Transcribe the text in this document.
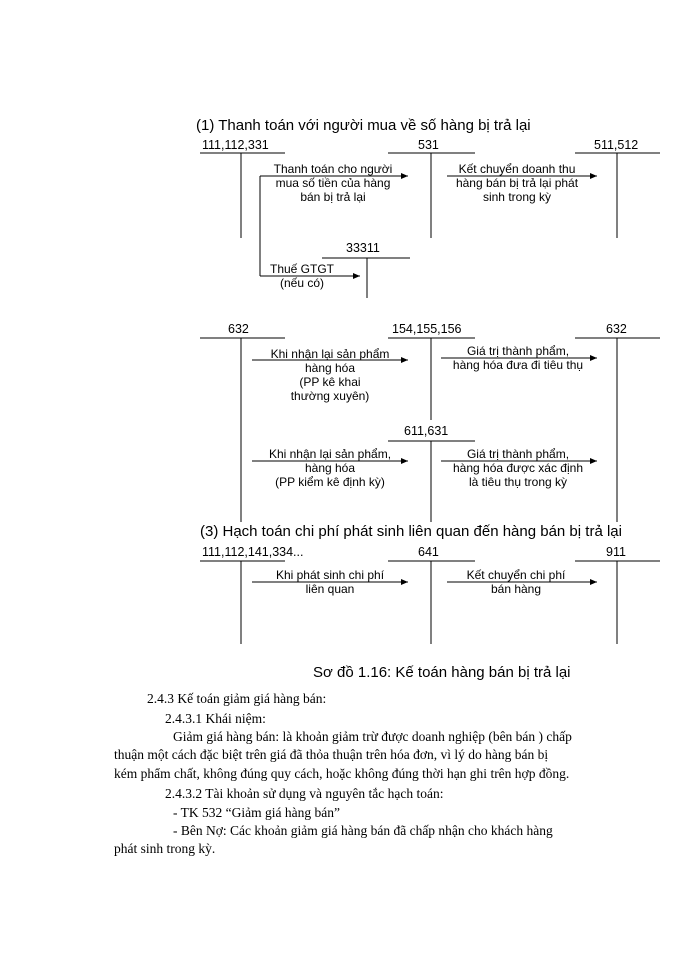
(1) Thanh toán với người mua về số hàng bị trả lại
111,112,331	531	511,512
33311
Thanh toán cho người
mua số tiền của hàng
bán bị trả lại
Kết chuyển doanh thu
hàng bán bị trả lại phát
sinh trong kỳ
Thuế GTGT
(nếu có)
632	154,155,156	632
611,631
Khi nhận lại sản phẩm
hàng hóa
(PP kê khai
thường xuyên)
Giá trị thành phẩm,
hàng hóa đưa đi tiêu thụ
Khi nhận lại sản phẩm,
hàng hóa
(PP kiểm kê định kỳ)
Giá trị thành phẩm,
hàng hóa được xác định
là tiêu thụ trong kỳ
(3) Hạch toán chi phí phát sinh liên quan đến hàng bán bị trả lại
111,112,141,334...	641	911
Khi phát sinh chi phí
liên quan
Kết chuyển chi phí
bán hàng
Sơ đồ 1.16: Kế toán hàng bán bị trả lại
2.4.3 Kế toán giảm giá hàng bán:
2.4.3.1 Khái niệm:
Giảm giá hàng bán: là khoản giảm trừ được doanh nghiệp (bên bán ) chấp
thuận một cách đặc biệt trên giá đã thỏa thuận trên hóa đơn, vì lý do hàng bán bị
kém phẩm chất, không đúng quy cách, hoặc không đúng thời hạn ghi trên hợp đồng.
2.4.3.2 Tài khoản sử dụng và nguyên tắc hạch toán:
- TK 532 “Giảm giá hàng bán”
- Bên Nợ: Các khoản giảm giá hàng bán đã chấp nhận cho khách hàng
phát sinh trong kỳ.
